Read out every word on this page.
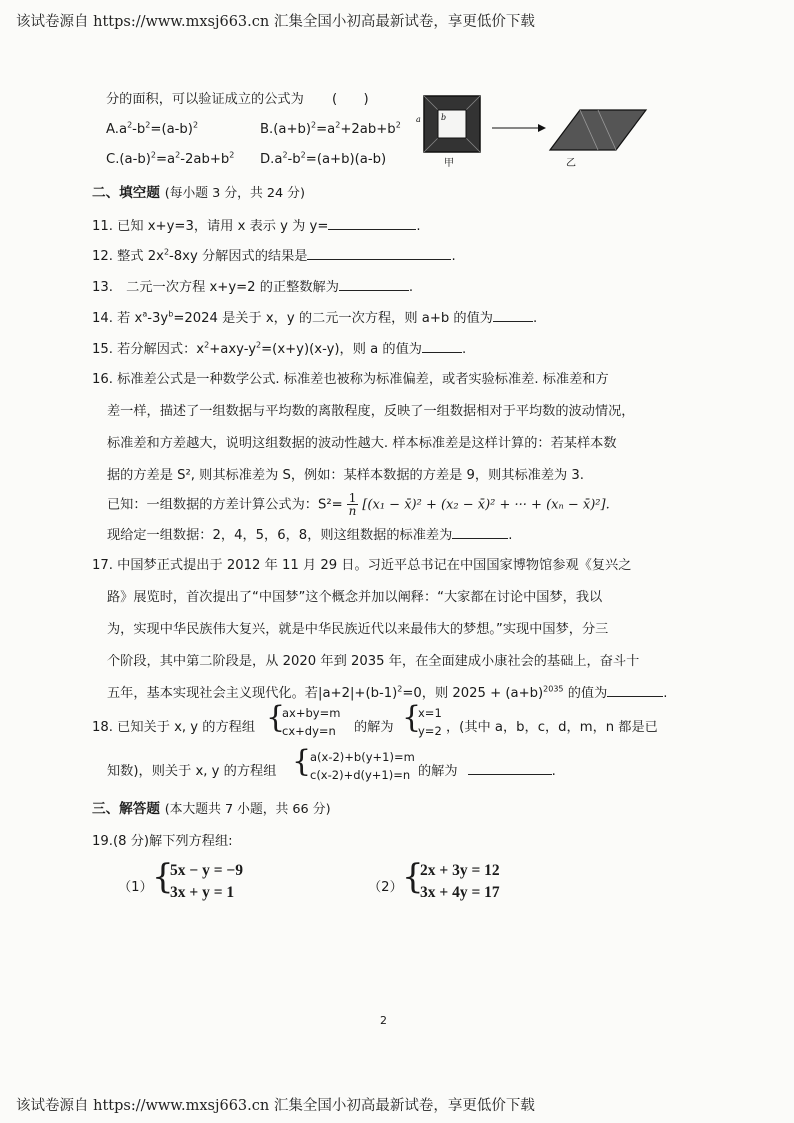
该试卷源自 https://www.mxsj663.cn 汇集全国小初高最新试卷，享更低价下载
分的面积，可以验证成立的公式为 (　　)
$A.a^2-b^2=(a-b)^2$	$B.(a+b)^2=a^2+2ab+b^2$
$C.(a-b)^2=a^2-2ab+b^2$ $D.a^2-b^2=(a+b)(a-b)$
a	b
甲	乙
二、填空题 (每小题 3 分，共 24 分)
11. 已知 x+y=3，请用 x 表示 y 为 y=	.
12. 整式 $2x^2-8xy$ 分解因式的结果是	.
13.　二元一次方程 x+y=2 的正整数解为	.
14. 若 $x^a-3y^b=2024$ 是关于 x，y 的二元一次方程，则 a+b 的值为	.
15. 若分解因式：$x^2+axy-y^2=(x+y)(x-y)$，则 a 的值为	.
16. 标准差公式是一种数学公式. 标准差也被称为标准偏差，或者实验标准差. 标准差和方
差一样，描述了一组数据与平均数的离散程度，反映了一组数据相对于平均数的波动情况，
标准差和方差越大，说明这组数据的波动性越大. 样本标准差是这样计算的：若某样本数
据的方差是 S², 则其标准差为 S，例如：某样本数据的方差是 9，则其标准差为 3.
已知：一组数据的方差计算公式为：$S^2= \frac{1}{n} [(x_1$ − x̄)² + (x₂ − x̄)² + ··· + (xₙ − x̄)²].
现给定一组数据：2，4，5，6，8，则这组数据的标准差为	.
17. 中国梦正式提出于 2012 年 11 月 29 日。习近平总书记在中国国家博物馆参观《复兴之
路》展览时，首次提出了“中国梦”这个概念并加以阐释：“大家都在讨论中国梦，我以
为，实现中华民族伟大复兴，就是中华民族近代以来最伟大的梦想。”实现中国梦，分三
个阶段，其中第二阶段是，从 2020 年到 2035 年，在全面建成小康社会的基础上，奋斗十
五年，基本实现社会主义现代化。若$|a+2|+(b-1)^2=0$，则 $2025 + (a+b)^{2035}$ 的值为	.
18. 已知关于 x, y 的方程组 {
ax+by=m
cx+dy=n	的解为 {
x=1
y=2 ，(其中 a，b，c，d，m，n 都是已
知数)，则关于 x, y 的方程组 {
a(x-2)+b(y+1)=m
c(x-2)+d(y+1)=n 的解为	.
三、解答题 (本大题共 7 小题，共 66 分)
19.(8 分)解下列方程组:
（1） {
5x − y = −9
3x + y = 1	（2） {
2x + 3y = 12
3x + 4y = 17
2
该试卷源自 https://www.mxsj663.cn 汇集全国小初高最新试卷，享更低价下载
